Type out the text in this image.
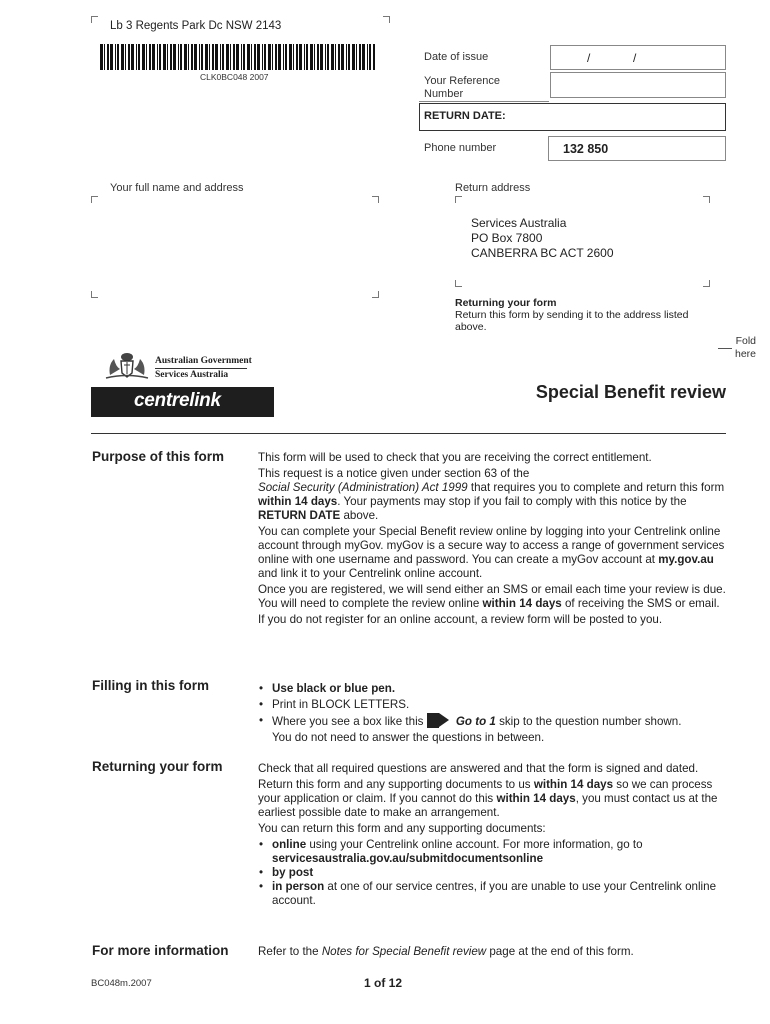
Lb 3 Regents Park Dc NSW 2143
CLK0BC048 2007
Date of issue	/	/
Your Reference
Number
RETURN DATE:
Phone number	132 850
Your full name and address	Return address
Services Australia
PO Box 7800
CANBERRA BC ACT 2600
Returning your form
Return this form by sending it to the address listed above.
Fold
here
Australian Government
Services Australia
centrelink	Special Benefit review
Purpose of this form	This form will be used to check that you are receiving the correct entitlement.

This request is a notice given under section 63 of the
Social Security (Administration) Act 1999 that requires you to complete and return this form within 14 days. Your payments may stop if you fail to comply with this notice by the RETURN DATE above.

You can complete your Special Benefit review online by logging into your Centrelink online account through myGov. myGov is a secure way to access a range of government services online with one username and password. You can create a myGov account at my.gov.au and link it to your Centrelink online account.

Once you are registered, we will send either an SMS or email each time your review is due. You will need to complete the review online within 14 days of receiving the SMS or email.

If you do not register for an online account, a review form will be posted to you.

Filling in this form	• Use black or blue pen.
• Print in BLOCK LETTERS.
• Where you see a box like this	Go to 1 skip to the question number shown.
You do not need to answer the questions in between.
Returning your form	Check that all required questions are answered and that the form is signed and dated.

Return this form and any supporting documents to us within 14 days so we can process your application or claim. If you cannot do this within 14 days, you must contact us at the earliest possible date to make an arrangement.

You can return this form and any supporting documents:

• online using your Centrelink online account. For more information, go to
servicesaustralia.gov.au/submitdocumentsonline
• by post
• in person at one of our service centres, if you are unable to use your Centrelink online account.
For more information	Refer to the Notes for Special Benefit review page at the end of this form.
BC048m.2007	1 of 12
